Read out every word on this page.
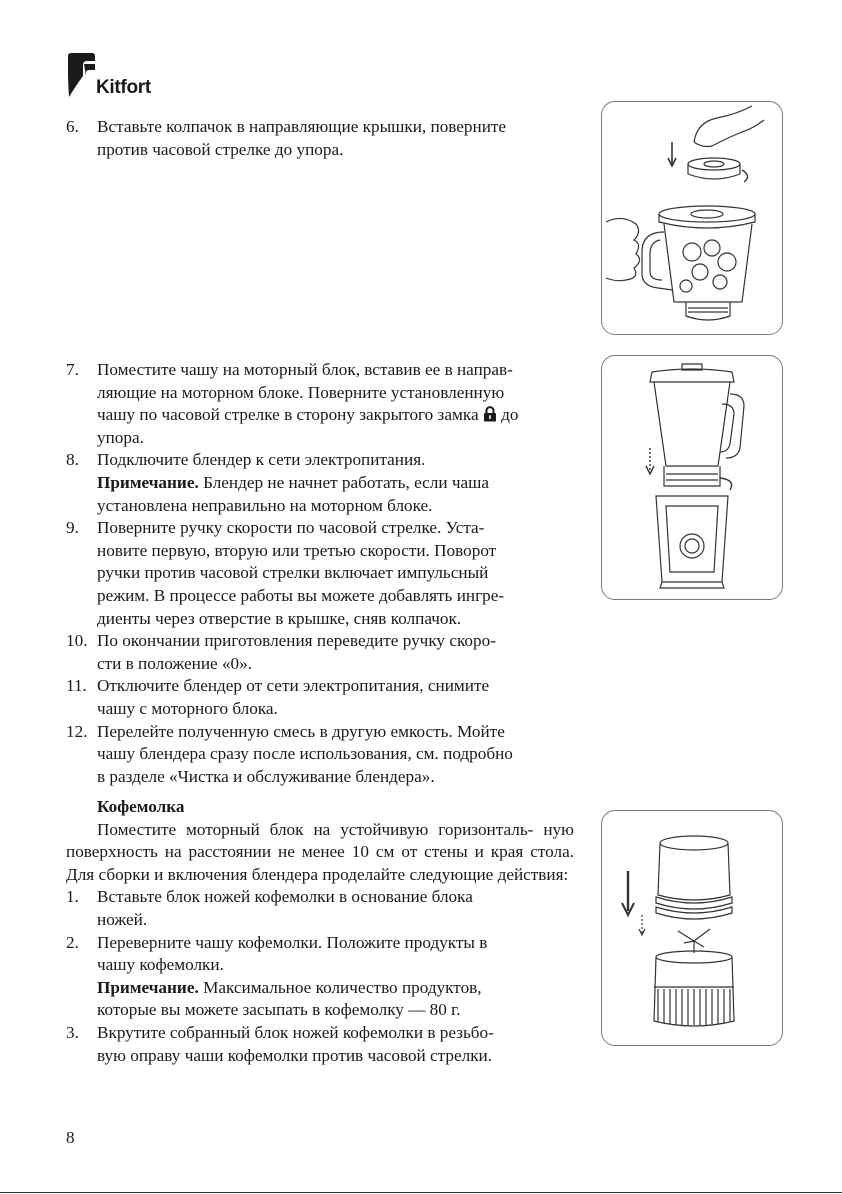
Kitfort
6. Вставьте колпачок в направляющие крышки, поверните
против часовой стрелке до упора.
7. Поместите чашу на моторный блок, вставив ее в направ-
ляющие на моторном блоке. Поверните установленную
чашу по часовой стрелке в сторону закрытого замка до
упора.
8. Подключите блендер к сети электропитания.
Примечание. Блендер не начнет работать, если чаша
установлена неправильно на моторном блоке.
9. Поверните ручку скорости по часовой стрелке. Уста-
новите первую, вторую или третью скорости. Поворот
ручки против часовой стрелки включает импульсный
режим. В процессе работы вы можете добавлять ингре-
диенты через отверстие в крышке, сняв колпачок.
10. По окончании приготовления переведите ручку скоро-
сти в положение «0».
11. Отключите блендер от сети электропитания, снимите
чашу с моторного блока.
12. Перелейте полученную смесь в другую емкость. Мойте
чашу блендера сразу после использования, см. подробно
в разделе «Чистка и обслуживание блендера».
Кофемолка
Поместите моторный блок на устойчивую горизонталь- ную поверхность на расстоянии не менее 10 см от стены и края стола. Для сборки и включения блендера проделайте следующие действия:
1. Вставьте блок ножей кофемолки в основание блока
ножей.
2. Переверните чашу кофемолки. Положите продукты в
чашу кофемолки.
Примечание. Максимальное количество продуктов,
которые вы можете засыпать в кофемолку — 80 г.
3. Вкрутите собранный блок ножей кофемолки в резьбо-
вую оправу чаши кофемолки против часовой стрелки.
8
